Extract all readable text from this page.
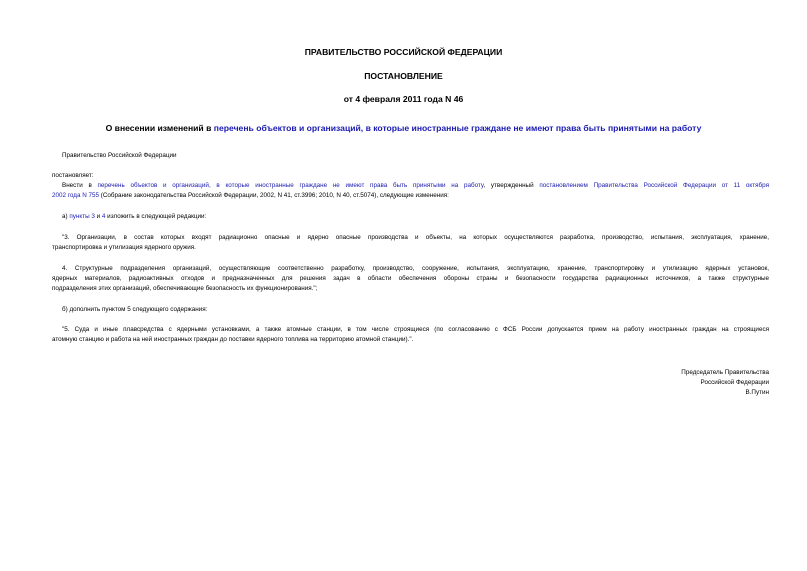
ПРАВИТЕЛЬСТВО РОССИЙСКОЙ ФЕДЕРАЦИИ
ПОСТАНОВЛЕНИЕ
от 4 февраля 2011 года N 46
О внесении изменений в перечень объектов и организаций, в которые иностранные граждане не имеют права быть принятыми на работу
Правительство Российской Федерации
постановляет:
Внести в перечень объектов и организаций, в которые иностранные граждане не имеют права быть принятыми на работу, утвержденный постановлением Правительства Российской Федерации от 11 октября
2002 года N 755 (Собрание законодательства Российской Федерации, 2002, N 41, ст.3996; 2010, N 40, ст.5074), следующие изменения:
а) пункты 3 и 4 изложить в следующей редакции:
"3. Организации, в состав которых входят радиационно опасные и ядерно опасные производства и объекты, на которых осуществляются разработка, производство, испытания, эксплуатация, хранение,
транспортировка и утилизация ядерного оружия.
4. Структурные подразделения организаций, осуществляющие соответственно разработку, производство, сооружение, испытания, эксплуатацию, хранение, транспортировку и утилизацию ядерных установок,
ядерных материалов, радиоактивных отходов и предназначенных для решения задач в области обеспечения обороны страны и безопасности государства радиационных источников, а также структурные
подразделения этих организаций, обеспечивающие безопасность их функционирования.";
б) дополнить пунктом 5 следующего содержания:
"5. Суда и иные плавсредства с ядерными установками, а также атомные станции, в том числе строящиеся (по согласованию с ФСБ России допускается прием на работу иностранных граждан на строящиеся
атомную станцию и работа на ней иностранных граждан до поставки ядерного топлива на территорию атомной станции).".
Председатель Правительства
Российской Федерации
В.Путин
